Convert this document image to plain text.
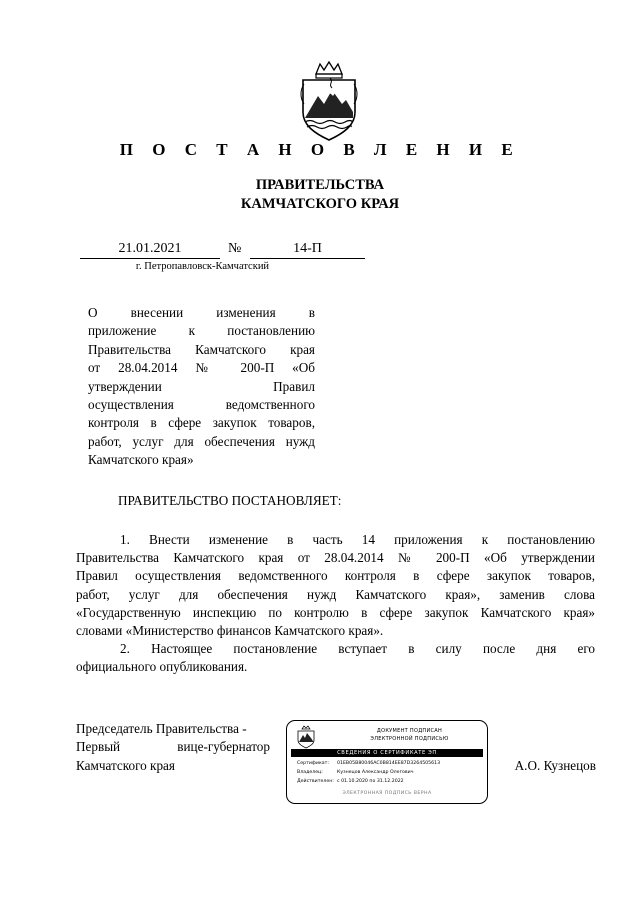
П О С Т А Н О В Л Е Н И Е
ПРАВИТЕЛЬСТВА
КАМЧАТСКОГО КРАЯ
21.01.2021	№	14-П
г. Петропавловск-Камчатский
О внесении изменения в
приложение к постановлению
Правительства Камчатского края
от 28.04.2014 № 200-П «Об
утверждении Правил
осуществления ведомственного
контроля в сфере закупок товаров,
работ, услуг для обеспечения нужд
Камчатского края»
ПРАВИТЕЛЬСТВО ПОСТАНОВЛЯЕТ:
1. Внести изменение в часть 14 приложения к постановлению
Правительства Камчатского края от 28.04.2014 № 200-П «Об утверждении
Правил осуществления ведомственного контроля в сфере закупок товаров,
работ, услуг для обеспечения нужд Камчатского края», заменив слова
«Государственную инспекцию по контролю в сфере закупок Камчатского края»
словами «Министерство финансов Камчатского края».
2. Настоящее постановление вступает в силу после дня его
официального опубликования.
Председатель Правительства -
Первый вице-губернатор
Камчатского края
ДОКУМЕНТ ПОДПИСАН
ЭЛЕКТРОННОЙ ПОДПИСЬЮ
СВЕДЕНИЯ О СЕРТИФИКАТЕ ЭП
Сертификат: 01EB05B80046AC0B814EE87D3264505613
Владелец:	Кузнецов Александр Олегович
Действителен: с 01.10.2020 по 31.12.2022
ЭЛЕКТРОННАЯ ПОДПИСЬ ВЕРНА
А.О. Кузнецов
